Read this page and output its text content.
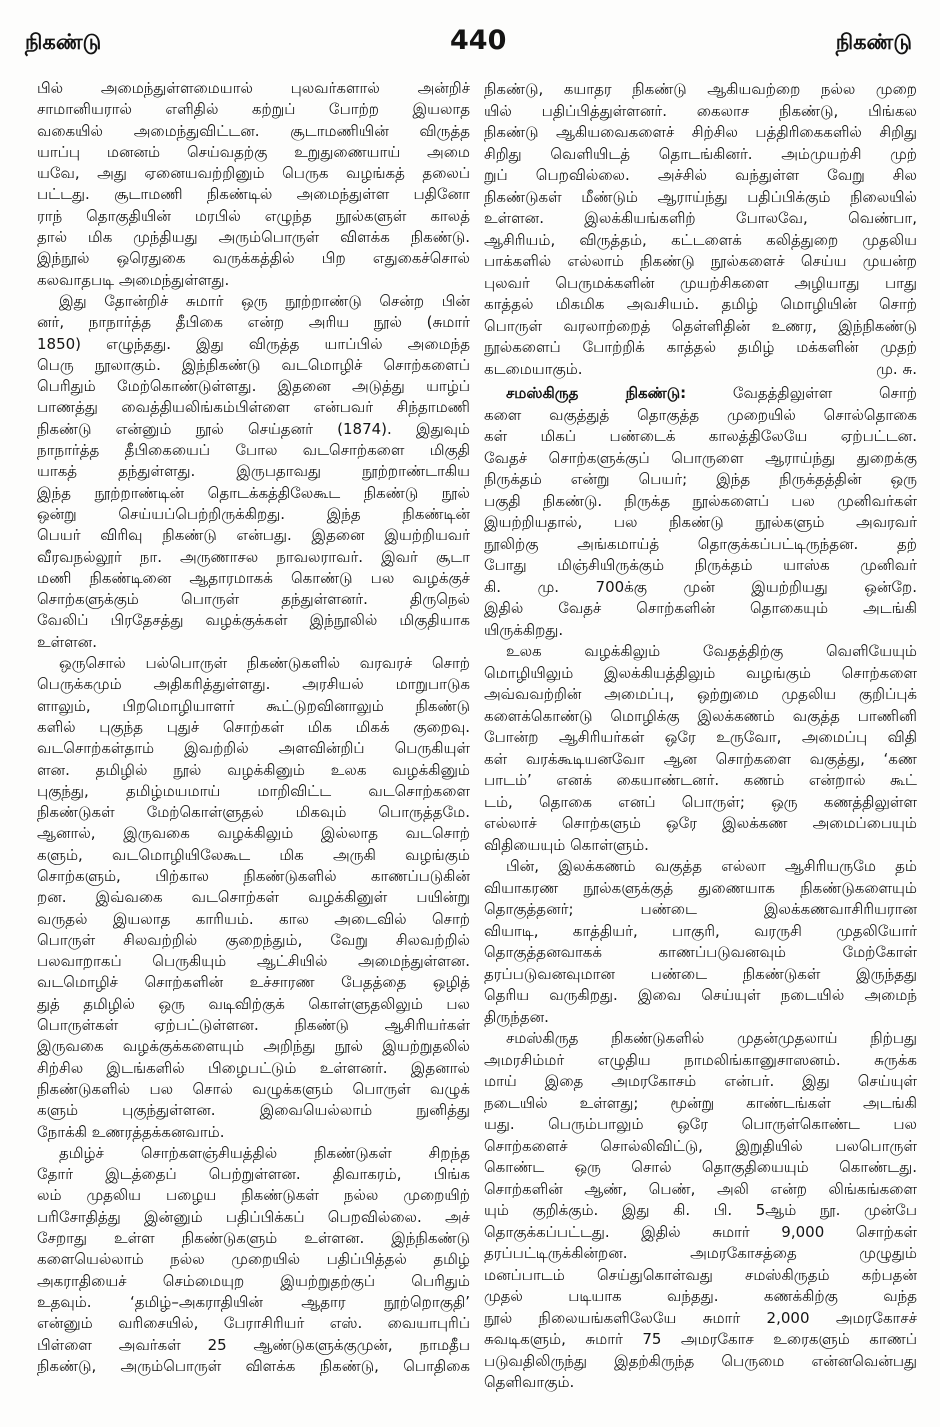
நிகண்டு	440	நிகண்டு
பில் அமைந்துள்ளமையால் புலவர்களால் அன்றிச்
சாமானியரால் எளிதில் கற்றுப் போற்ற இயலாத
வகையில் அமைந்துவிட்டன. சூடாமணியின் விருத்த
யாப்பு மனனம் செய்வதற்கு உறுதுணையாய் அமை
யவே, அது ஏனையவற்றினும் பெருக வழங்கத் தலைப்
பட்டது. சூடாமணி நிகண்டில் அமைந்துள்ள பதினோ
ராந் தொகுதியின் மரபில் எழுந்த நூல்களுள் காலத்
தால் மிக முந்தியது அரும்பொருள் விளக்க நிகண்டு.
இந்நூல் ஒரெதுகை வருக்கத்தில் பிற எதுகைச்சொல்
கலவாதபடி அமைந்துள்ளது.
இது தோன்றிச் சுமார் ஒரு நூற்றாண்டு சென்ற பின்
னர், நாநார்த்த தீபிகை என்ற அரிய நூல் (சுமார்
1850) எழுந்தது. இது விருத்த யாப்பில் அமைந்த
பெரு நூலாகும். இந்நிகண்டு வடமொழிச் சொற்களைப்
பெரிதும் மேற்கொண்டுள்ளது. இதனை அடுத்து யாழ்ப்
பாணத்து வைத்தியலிங்கம்பிள்ளை என்பவர் சிந்தாமணி
நிகண்டு என்னும் நூல் செய்தனர் (1874). இதுவும்
நாநார்த்த தீபிகையைப் போல வடசொற்களை மிகுதி
யாகத் தந்துள்ளது. இருபதாவது நூற்றாண்டாகிய
இந்த நூற்றாண்டின் தொடக்கத்திலேகூட நிகண்டு நூல்
ஒன்று செய்யப்பெற்றிருக்கிறது. இந்த நிகண்டின்
பெயர் விரிவு நிகண்டு என்பது. இதனை இயற்றியவர்
வீரவநல்லூர் நா. அருணாசல நாவலராவர். இவர் சூடா
மணி நிகண்டினை ஆதாரமாகக் கொண்டு பல வழக்குச்
சொற்களுக்கும் பொருள் தந்துள்ளனர். திருநெல்
வேலிப் பிரதேசத்து வழக்குக்கள் இந்நூலில் மிகுதியாக
உள்ளன.
ஒருசொல் பல்பொருள் நிகண்டுகளில் வரவரச் சொற்
பெருக்கமும் அதிகரித்துள்ளது. அரசியல் மாறுபாடுக
ளாலும், பிறமொழியாளர் கூட்டுறவினாலும் நிகண்டு
களில் புகுந்த புதுச் சொற்கள் மிக மிகக் குறைவு.
வடசொற்கள்தாம் இவற்றில் அளவின்றிப் பெருகியுள்
ளன. தமிழில் நூல் வழக்கினும் உலக வழக்கினும்
புகுந்து, தமிழ்மயமாய் மாறிவிட்ட வடசொற்களை
நிகண்டுகள் மேற்கொள்ளுதல் மிகவும் பொருத்தமே.
ஆனால், இருவகை வழக்கிலும் இல்லாத வடசொற்
களும், வடமொழியிலேகூட மிக அருகி வழங்கும்
சொற்களும், பிற்கால நிகண்டுகளில் காணப்படுகின்
றன. இவ்வகை வடசொற்கள் வழக்கினுள் பயின்று
வருதல் இயலாத காரியம். கால அடைவில் சொற்
பொருள் சிலவற்றில் குறைந்தும், வேறு சிலவற்றில்
பலவாறாகப் பெருகியும் ஆட்சியில் அமைந்துள்ளன.
வடமொழிச் சொற்களின் உச்சாரண பேதத்தை ஒழித்
துத் தமிழில் ஒரு வடிவிற்குக் கொள்ளுதலிலும் பல
பொருள்கள் ஏற்பட்டுள்ளன. நிகண்டு ஆசிரியர்கள்
இருவகை வழக்குக்களையும் அறிந்து நூல் இயற்றுதலில்
சிற்சில இடங்களில் பிழைபட்டும் உள்ளனர். இதனால்
நிகண்டுகளில் பல சொல் வழுக்களும் பொருள் வழுக்
களும் புகுந்துள்ளன. இவையெல்லாம் நுனித்து
நோக்கி உணரத்தக்கனவாம்.
தமிழ்ச் சொற்களஞ்சியத்தில் நிகண்டுகள் சிறந்த
தோர் இடத்தைப் பெற்றுள்ளன. திவாகரம், பிங்க
லம் முதலிய பழைய நிகண்டுகள் நல்ல முறையிற்
பரிசோதித்து இன்னும் பதிப்பிக்கப் பெறவில்லை. அச்
சேறாது உள்ள நிகண்டுகளும் உள்ளன. இந்நிகண்டு
களையெல்லாம் நல்ல முறையில் பதிப்பித்தல் தமிழ்
அகராதியைச் செம்மையுற இயற்றுதற்குப் பெரிதும்
உதவும். ‘தமிழ்–அகராதியின் ஆதார நூற்றொகுதி’
என்னும் வரிசையில், பேராசிரியர் எஸ். வையாபுரிப்
பிள்ளை அவர்கள் 25 ஆண்டுகளுக்குமுன், நாமதீப
நிகண்டு, அரும்பொருள் விளக்க நிகண்டு, பொதிகை
நிகண்டு, கயாதர நிகண்டு ஆகியவற்றை நல்ல முறை
யில் பதிப்பித்துள்ளனர். கைலாச நிகண்டு, பிங்கல
நிகண்டு ஆகியவைகளைச் சிற்சில பத்திரிகைகளில் சிறிது
சிறிது வெளியிடத் தொடங்கினர். அம்முயற்சி முற்
றுப் பெறவில்லை. அச்சில் வந்துள்ள வேறு சில
நிகண்டுகள் மீண்டும் ஆராய்ந்து பதிப்பிக்கும் நிலையில்
உள்ளன. இலக்கியங்களிற் போலவே, வெண்பா,
ஆசிரியம், விருத்தம், கட்டளைக் கலித்துறை முதலிய
பாக்களில் எல்லாம் நிகண்டு நூல்களைச் செய்ய முயன்ற
புலவர் பெருமக்களின் முயற்சிகளை அழியாது பாது
காத்தல் மிகமிக அவசியம். தமிழ் மொழியின் சொற்
பொருள் வரலாற்றைத் தெள்ளிதின் உணர, இந்நிகண்டு
நூல்களைப் போற்றிக் காத்தல் தமிழ் மக்களின் முதற்
கடமையாகும்.	மு. சு.
சமஸ்கிருத நிகண்டு:	வேதத்திலுள்ள சொற்
களை வகுத்துத் தொகுத்த முறையில் சொல்தொகை
கள் மிகப் பண்டைக் காலத்திலேயே ஏற்பட்டன.
வேதச் சொற்களுக்குப் பொருளை ஆராய்ந்து துறைக்கு
நிருக்தம் என்று பெயர்; இந்த நிருக்தத்தின் ஒரு
பகுதி நிகண்டு. நிருக்த நூல்களைப் பல முனிவர்கள்
இயற்றியதால், பல நிகண்டு நூல்களும் அவரவர்
நூலிற்கு அங்கமாய்த் தொகுக்கப்பட்டிருந்தன. தற்
போது மிஞ்சியிருக்கும் நிருக்தம் யாஸ்க முனிவர்
கி. மு. 700க்கு முன் இயற்றியது ஒன்றே.
இதில் வேதச் சொற்களின் தொகையும் அடங்கி
யிருக்கிறது.
உலக வழக்கிலும் வேதத்திற்கு வெளியேயும்
மொழியிலும் இலக்கியத்திலும் வழங்கும் சொற்களை
அவ்வவற்றின் அமைப்பு, ஒற்றுமை முதலிய குறிப்புக்
களைக்கொண்டு மொழிக்கு இலக்கணம் வகுத்த பாணினி
போன்ற ஆசிரியர்கள் ஒரே உருவோ, அமைப்பு விதி
கள் வரக்கூடியனவோ ஆன சொற்களை வகுத்து, ‘கண
பாடம்’ எனக் கையாண்டனர். கணம் என்றால் கூட்
டம், தொகை எனப் பொருள்; ஒரு கணத்திலுள்ள
எல்லாச் சொற்களும் ஒரே இலக்கண அமைப்பையும்
விதியையும் கொள்ளும்.
பின், இலக்கணம் வகுத்த எல்லா ஆசிரியருமே தம்
வியாகரண நூல்களுக்குத் துணையாக நிகண்டுகளையும்
தொகுத்தனர்; பண்டை இலக்கணவாசிரியரான
வியாடி, காத்தியர், பாகுரி, வரருசி முதலியோர்
தொகுத்தனவாகக் காணப்படுவனவும் மேற்கோள்
தரப்படுவனவுமான பண்டை நிகண்டுகள் இருந்தது
தெரிய வருகிறது. இவை செய்யுள் நடையில் அமைந்
திருந்தன.
சமஸ்கிருத நிகண்டுகளில் முதன்முதலாய் நிற்பது
அமரசிம்மர் எழுதிய நாமலிங்கானுசாஸனம். சுருக்க
மாய் இதை அமரகோசம் என்பர். இது செய்யுள்
நடையில் உள்ளது; மூன்று காண்டங்கள் அடங்கி
யது. பெரும்பாலும் ஒரே பொருள்கொண்ட பல
சொற்களைச் சொல்லிவிட்டு, இறுதியில் பலபொருள்
கொண்ட ஒரு சொல் தொகுதியையும் கொண்டது.
சொற்களின் ஆண், பெண், அலி என்ற லிங்கங்களை
யும் குறிக்கும். இது கி. பி. 5ஆம் நூ. முன்பே
தொகுக்கப்பட்டது. இதில் சுமார் 9,000 சொற்கள்
தரப்பட்டிருக்கின்றன. அமரகோசத்தை முழுதும்
மனப்பாடம் செய்துகொள்வது சமஸ்கிருதம் கற்பதன்
முதல் படியாக வந்தது. கணக்கிற்கு வந்த
நூல் நிலையங்களிலேயே சுமார் 2,000 அமரகோசச்
சுவடிகளும், சுமார் 75 அமரகோச உரைகளும் காணப்
படுவதிலிருந்து இதற்கிருந்த பெருமை என்னவென்பது
தெளிவாகும்.
